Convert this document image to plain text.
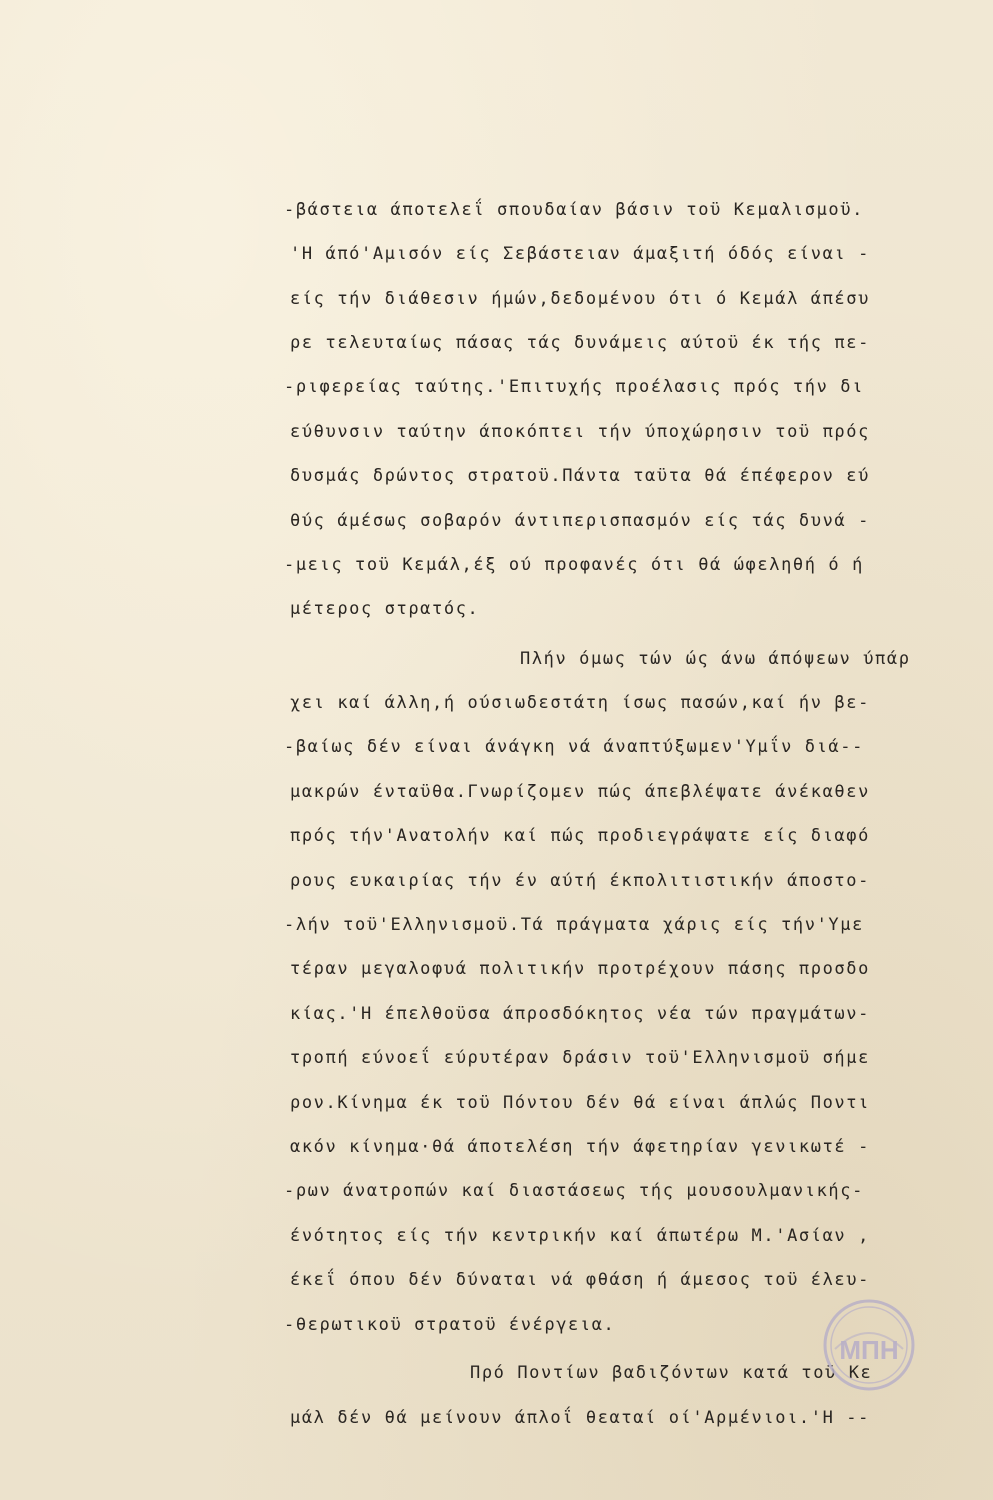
-βάστεια άποτελεΐ σπουδαίαν βάσιν τοϋ Κεμαλισμοϋ.
'Η άπό'Αμισόν είς Σεβάστειαν άμαξιτή όδός είναι -
είς τήν διάθεσιν ήμών,δεδομένου ότι ό Κεμάλ άπέσυ
ρε τελευταίως πάσας τάς δυνάμεις αύτοϋ έκ τής πε-
-ριφερείας ταύτης.'Επιτυχής προέλασις πρός τήν δι
εύθυνσιν ταύτην άποκόπτει τήν ύποχώρησιν τοϋ πρός
δυσμάς δρώντος στρατοϋ.Πάντα ταϋτα θά έπέφερον εύ
θύς άμέσως σοβαρόν άντιπερισπασμόν είς τάς δυνά -
-μεις τοϋ Κεμάλ,έξ ού προφανές ότι θά ώφεληθή ό ή
μέτερος στρατός.
Πλήν όμως τών ώς άνω άπόψεων ύπάρ
χει καί άλλη,ή ούσιωδεστάτη ίσως πασών,καί ήν βε-
-βαίως δέν είναι άνάγκη νά άναπτύξωμεν'Υμΐν διά--
μακρών ένταϋθα.Γνωρίζομεν πώς άπεβλέψατε άνέκαθεν
πρός τήν'Ανατολήν καί πώς προδιεγράψατε είς διαφό
ρους ευκαιρίας τήν έν αύτή έκπολιτιστικήν άποστο-
-λήν τοϋ'Ελληνισμοϋ.Τά πράγματα χάρις είς τήν'Υμε
τέραν μεγαλοφυά πολιτικήν προτρέχουν πάσης προσδο
κίας.'Η έπελθοϋσα άπροσδόκητος νέα τών πραγμάτων-
τροπή εύνοεΐ εύρυτέραν δράσιν τοϋ'Ελληνισμοϋ σήμε
ρον.Κίνημα έκ τοϋ Πόντου δέν θά είναι άπλώς Ποντι
ακόν κίνημα·θά άποτελέση τήν άφετηρίαν γενικωτέ -
-ρων άνατροπών καί διαστάσεως τής μουσουλμανικής-
ένότητος είς τήν κεντρικήν καί άπωτέρω Μ.'Ασίαν ,
έκεΐ όπου δέν δύναται νά φθάση ή άμεσος τοϋ έλευ-
-θερωτικοϋ στρατοϋ ένέργεια.
Πρό Ποντίων βαδιζόντων κατά τοϋ Κε
μάλ δέν θά μείνουν άπλοΐ θεαταί οί'Αρμένιοι.'Η --
ΜΠΗ
